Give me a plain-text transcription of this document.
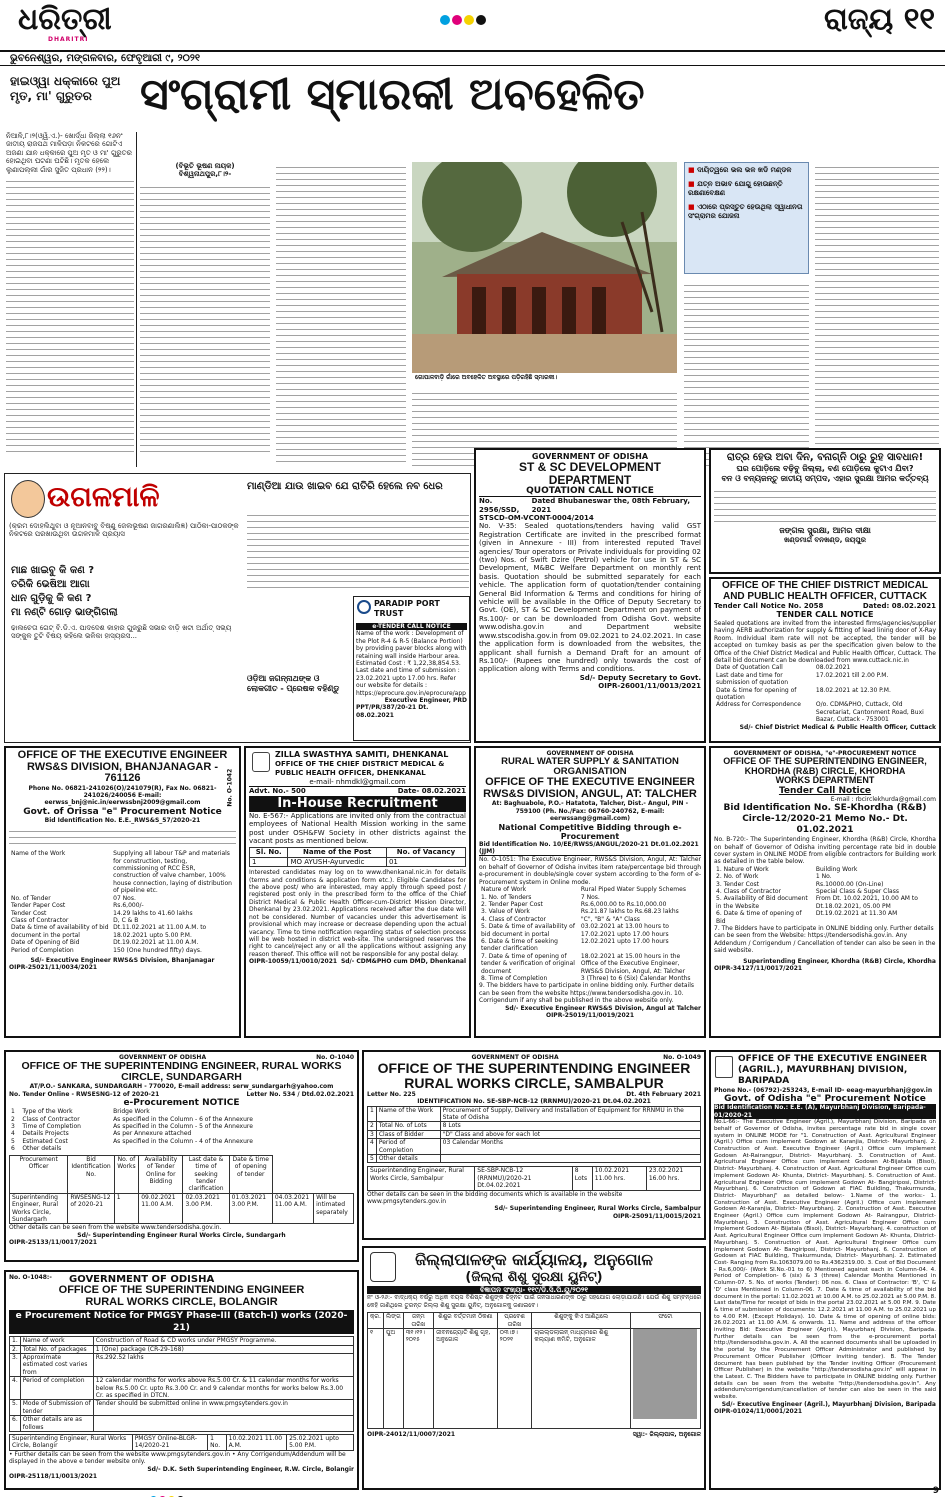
ଧରିତ୍ରୀ
DHARITRI
ରାଜ୍ୟ ୧୧
ଭୁବନେଶ୍ୱର, ମଙ୍ଗଳବାର, ଫେବୃଆରୀ ୯, ୨୦୨୧
ହାଇଓ୍ୱା ଧକ୍କାରେ ପୁଅ ମୃତ, ମା' ଗୁରୁତର	ସଂଗ୍ରାମୀ ସ୍ମାରକୀ ଅବହେଳିତ
ନିଆଳି,୮।୨(ଓ୍ୱି.ଏ.)- ଖୋର୍ଦ୍ଧା ଜିଲ୍ଲା ୧୬ନଂ ଜାତୀୟ ରାଜପଥ ମାଳିପଡ଼ା ନିକଟରେ ଗୋଟିଏ ଅଜଣା ଯାନ ଧକ୍କାରେ ପୁଅ ମୃତ ଓ ମା' ଗୁରୁତର ହୋଇଥିବା ଘଟଣା ଘଟିଛି। ମୃତକ ହେଲେ ଲୁଣାପଲ୍ଲୀ ଗାଁର ସୁଜିତ ପ୍ରଧାନ (୨୨)।	(ବିଭୂତି ଭୂଷଣ ନାୟକ)
ବିଶ୍ୱନାଥପୁର,୮।୨-
ଗୋପାଳବାଡ଼ି ଗାଁରେ ଅବହେଳିତ ଅବସ୍ଥାରେ ପଡ଼ିରହିଛି ସ୍ମାରକୀ।
■ ଦାୟିତ୍ୱରେ ଭଲ ଭଳ ଖଡି ମଣ୍ଡଳ
■ ଯତ୍ନ ଅଭାବ ଯୋଗୁ ହୋଉଛନ୍ତି ରକ୍ଷଣାବେକ୍ଷଣ
■ ଏଠାରେ ପ୍ରସ୍ତୁତ ହେଉଥିଲା ସ୍ୱାଧୀନତା ସଂଗ୍ରାମର ଯୋଜନା
ଉଗଳମାଳି
(କ୍ରମ ଦୋହଲିଥୁବା ଓ ନୂଆନବାବୁ ବିଷ୍ଣୁ ଜେଲଭୂଷଣ ଜାଗରଣାଲିଜ୍ଞ) ପାଠିକା-ପାଠକଙ୍କ ନିକଟରେ ପରଖାଉଥିବା ଉଗଳମାଳି ପ୍ରୟାସ
ମାଛ ଖାଇବୁ କି କଣ ?
ତରିକି ଭେଷିଆ ଆଗା
ଧାନ ଗୁଡ଼ିକୁ କି କଣ ?
ମା ନଣ୍ଟି ଗୋଡ଼ ଭାଙ୍ଗିଗଲା
ଢାଲଚେତା ଗେଟ୍ ବି.ଡି.ଏ. ପାଦଦେଶ କାହାର ଗୁଜରୁଛି ସଭାର ବାଡ଼ି ଖଟା ଅର୍ଥାତ୍ ସଭ୍ୟ ସଙ୍କୁଳ ତୁଟି ବିଷୟ କହିଲେ ଭଳିକା ହାସ୍ୟରସ...
ମାଣ୍ଡିଆ ଯାଉ ଖାଇବ ଯେ ରାତିରି ହେଲେ ନବ ଧେର
ଓଡ଼ିଆ ଜଗନ୍ନାଥଙ୍କ ଓ ଲୋକଗୀତ - ପ୍ରେଷକ ବହିଣ୍ଡୁ
PARADIP PORT TRUST
e-TENDER CALL NOTICE
Name of the work : Development of the Plot R-4 & R-5 (Balance Portion) by providing paver blocks along with retaining wall inside Harbour area. Estimated Cost : ₹ 1,22,38,854.53. Last date and time of submission : 23.02.2021 upto 17.00 hrs. Refer our website for details : https://eprocure.gov.in/eprocure/app
Executive Engineer, PRD
PPT/PR/387/20-21 Dt. 08.02.2021
GOVERNMENT OF ODISHA
ST & SC DEVELOPMENT DEPARTMENT
QUOTATION CALL NOTICE
No. 2956/SSD,
Dated Bhubaneswar the, 08th February, 2021
STSCD-OM-VCONT-0004/2014
No. V-35: Sealed quotations/tenders having valid GST Registration Certificate are invited in the prescribed format (given in Annexure - III) from interested reputed Travel agencies/ Tour operators or Private individuals for providing 02 (two) Nos. of Swift Dzire (Petrol) vehicle for use in ST & SC Development, M&BC Welfare Department on monthly rent basis. Quotation should be submitted separately for each vehicle. The application form of quotation/tender containing General Bid Information & Terms and conditions for hiring of vehicle will be available in the Office of Deputy Secretary to Govt. (OE), ST & SC Development Department on payment of Rs.100/- or can be downloaded from Odisha Govt. website www.odisha.gov.in and Department website www.stscodisha.gov.in from 09.02.2021 to 24.02.2021. In case the application form is downloaded from the websites, the applicant shall furnish a Demand Draft for an amount of Rs.100/- (Rupees one hundred) only towards the cost of application along with Terms and conditions.
Sd/- Deputy Secretary to Govt.
OIPR-26001/11/0013/2021
ରାତ୍ର ହେଉ ଅବା ଦିନ, ବନାଗ୍ନି ଠାରୁ ରୁହ ସାବଧାନ!
ଘର ପୋଡ଼ିଲେ ବଢ଼ିବୁ ଜିଲ୍ଲା, ବଣ ପୋଡ଼ିଲେ କୁଟାଏ ଯିବା?
ବନ ଓ ବନ୍ୟଜନ୍ତୁ ଜାତୀୟ ସମ୍ପଦ, ଏହାର ସୁରକ୍ଷା ଆମର କର୍ତ୍ତବ୍ୟ
ଜଙ୍ଗଲ ସୁରକ୍ଷା, ଆମର ଦୀକ୍ଷା
ଖଣ୍ଡମାର୍ଗ ବନଖଣ୍ଡ, ଜୟପୁର
OFFICE OF THE CHIEF DISTRICT MEDICAL AND PUBLIC HEALTH OFFICER, CUTTACK
Tender Call Notice No. 2058	Dated: 08.02.2021
TENDER CALL NOTICE
Sealed quotations are invited from the interested firms/agencies/supplier having AERB authorization for supply & fitting of lead lining door of X-Ray Room. Individual item rate will not be accepted, the tender will be accepted on turnkey basis as per the specification given below to the Office of the Chief District Medical and Public Health Officer, Cuttack. The detail bid document can be downloaded from www.cuttack.nic.in
Date of Quotation Call	08.02.2021
Last date and time for submission of quotation	17.02.2021 till 2.00 P.M.
Date & time for opening of quotation	18.02.2021 at 12.30 P.M.
Address for Correspondence	O/o. CDM&PHO, Cuttack, Old Secretariat, Cantonment Road, Buxi Bazar, Cuttack - 753001
Sd/- Chief District Medical & Public Health Officer, Cuttack
OFFICE OF THE EXECUTIVE ENGINEER
RWS&S DIVISION, BHANJANAGAR - 761126
Phone No. 06821-241026(O)/241079(R), Fax No. 06821-241026/240056 E-mail: eerwss_bnj@nic.in/eerwssbnj2009@gmail.com
Govt. of Orissa "e" Procurement Notice
Bid Identification No. E.E._RWS&S_57/2020-21
Name of the Work	Supplying all labour T&P and materials for construction, testing, commissioning of RCC ESR, construction of valve chamber, 100% house connection, laying of distribution of pipeline etc.
No. of Tender	07 Nos.
Tender Paper Cost	Rs.6,000/-
Tender Cost	14.29 lakhs to 41.60 lakhs
Class of Contractor	D, C & B
Date & time of availability of bid document in the portal	Dt.11.02.2021 at 11.00 A.M. to 18.02.2021 upto 5.00 P.M.
Date of Opening of Bid	Dt.19.02.2021 at 11.00 A.M.
Period of Completion	150 (One hundred fifty) days.
Sd/- Executive Engineer RWS&S Division, Bhanjanagar
OIPR-25021/11/0034/2021
No. O-1042
ZILLA SWASTHYA SAMITI, DHENKANAL
OFFICE OF THE CHIEF DISTRICT MEDICAL & PUBLIC HEALTH OFFICER, DHENKANAL
e-mail- nhmdkl@gmail.com
Advt. No.- 500	Date- 08.02.2021
In-House Recruitment
No. E-567:- Applications are invited only from the contractual employees of National Health Mission working in the same post under OSH&FW Society in other districts against the vacant posts as mentioned below.
Sl. No.	Name of the Post	No. of Vacancy
1	MO AYUSH-Ayurvedic	01
Interested candidates may log on to www.dhenkanal.nic.in for details (terms and conditions & application form etc.). Eligible Candidates for the above post/ who are interested, may apply through speed post / registered post only in the prescribed form to the office of the Chief District Medical & Public Health Officer-cum-District Mission Director, Dhenkanal by 23.02.2021. Applications received after the due date will not be considered. Number of vacancies under this advertisement is provisional which may increase or decrease depending upon the actual vacancy. Time to time notification regarding status of selection process will be web hosted in district web-site. The undersigned reserves the right to cancel/reject any or all the applications without assigning any reason thereof. This office will not be responsible for any postal delay.
OIPR-10059/11/0010/2021 Sd/- CDM&PHO cum DMD, Dhenkanal
GOVERNMENT OF ODISHA
RURAL WATER SUPPLY & SANITATION ORGANISATION
OFFICE OF THE EXECUTIVE ENGINEER
RWS&S DIVISION, ANGUL, AT: TALCHER
At: Baghuabole, P.O.- Hatatota, Talcher, Dist.- Angul, PIN - 759100 (Ph. No./Fax: 06760-240762, E-mail: eerwssang@gmail.com)
National Competitive Bidding through e-Procurement
Bid Identification No. 10/EE/RWSS/ANGUL/2020-21 Dt.01.02.2021 (JJM)
No. O-1051: The Executive Engineer, RWS&S Division, Angul, At: Talcher on behalf of Governor of Odisha invites item rate/percentage bid through e-procurement in double/single cover system according to the form of e-Procurement system in Online mode.
Nature of Work	Rural Piped Water Supply Schemes
1. No. of Tenders	7 Nos.
2. Tender Paper Cost	Rs.6,000.00 to Rs.10,000.00
3. Value of Work	Rs.21.87 lakhs to Rs.68.23 lakhs
4. Class of Contractor	"C", "B" & "A" Class
5. Date & time of availability of bid document in portal	03.02.2021 at 13.00 hours to 17.02.2021 upto 17.00 hours
6. Date & time of seeking tender clarification	12.02.2021 upto 17.00 hours
7. Date & time of opening of tender & verification of original document	18.02.2021 at 15.00 hours in the Office of the Executive Engineer, RWS&S Division, Angul, At: Talcher
8. Time of Completion	3 (Three) to 6 (Six) Calendar Months
9. The bidders have to participate in online bidding only. Further details can be seen from the website https://www.tendersodisha.gov.in. 10. Corrigendum if any shall be published in the above website only.
Sd/- Executive Engineer RWS&S Division, Angul at Talcher
OIPR-25019/11/0019/2021
GOVERNMENT OF ODISHA, "e"-PROCUREMENT NOTICE
OFFICE OF THE SUPERINTENDING ENGINEER, KHORDHA (R&B) CIRCLE, KHORDHA
WORKS DEPARTMENT
Tender Call Notice
E-mail : rbcirclekhurda@gmail.com
Bid Identification No. SE-Khordha (R&B) Circle-12/2020-21 Memo No.- Dt. 01.02.2021
No. B-720:- The Superintending Engineer, Khordha (R&B) Circle, Khordha on behalf of Governor of Odisha inviting percentage rate bid in double cover system in ONLINE MODE from eligible contractors for Building work as detailed in the table below.
1. Nature of Work	Building Work
2. No. of Work	1 No.
3. Tender Cost	Rs.10000.00 (On-Line)
4. Class of Contractor	Special Class & Super Class
5. Availability of Bid document in the Website	From Dt. 10.02.2021, 10.00 AM to Dt.18.02.2021, 05.00 PM
6. Date & time of opening of Bid	Dt.19.02.2021 at 11.30 AM
7. The Bidders have to participate in ONLINE bidding only. Further details can be seen from the Website: https://tendersodisha.gov.in. Any Addendum / Corrigendum / Cancellation of tender can also be seen in the said website.
Superintending Engineer, Khordha (R&B) Circle, Khordha
OIPR-34127/11/0017/2021
GOVERNMENT OF ODISHA	No. O-1040
OFFICE OF THE SUPERINTENDING ENGINEER, RURAL WORKS CIRCLE, SUNDARGARH
AT/P.O.- SANKARA, SUNDARGARH - 770020, E-mail address: serw_sundargarh@yahoo.com
No. Tender Online - RWSESNG-12 of 2020-21	Letter No. 534 / Dtd.02.02.2021
e-Procurement NOTICE
1	Type of the Work	Bridge Work
2	Class of Contractor	As specified in the Column - 6 of the Annexure
3	Time of Completion	As specified in the Column - 5 of the Annexure
4	Details Projects	As per Annexure attached
5	Estimated Cost	As specified in the Column - 4 of the Annexure
6	Other details	
Procurement Officer	Bid Identification No.	No. of Works	Availability of Tender Online for Bidding	Last date & time of seeking tender clarification	Date & time of opening of tender		
Superintending Engineer, Rural Works Circle, Sundargarh	RWSESNG-12 of 2020-21	1	09.02.2021 11.00 A.M.	02.03.2021 3.00 P.M.	01.03.2021 3.00 P.M.	04.03.2021 11.00 A.M.	Will be intimated separately
Other details can be seen from the website www.tendersodisha.gov.in.
Sd/- Superintending Engineer Rural Works Circle, Sundargarh
OIPR-25133/11/0017/2021
GOVERNMENT OF ODISHA	No. O-1049
OFFICE OF THE SUPERINTENDING ENGINEER
RURAL WORKS CIRCLE, SAMBALPUR
Letter No. 225	Dt. 4th February 2021
IDENTIFICATION No. SE-SBP-NCB-12 (RRNMU)/2020-21 Dt.04.02.2021
1	Name of the Work	Procurement of Supply, Delivery and Installation of Equipment for RRNMU in the State of Odisha
2	Total No. of Lots	8 Lots
3	Class of Bidder	"D" Class and above for each lot
4	Period of Completion	03 Calendar Months
5	Other details	
Superintending Engineer, Rural Works Circle, Sambalpur	SE-SBP-NCB-12 (RRNMU)/2020-21 Dt.04.02.2021	8 Lots	10.02.2021 11.00 hrs.	23.02.2021 16.00 hrs.
Other details can be seen in the bidding documents which is available in the website www.pmgsytenders.gov.in
Sd/- Superintending Engineer, Rural Works Circle, Sambalpur
OIPR-25091/11/0015/2021
OFFICE OF THE EXECUTIVE ENGINEER (AGRIL.), MAYURBHANJ DIVISION, BARIPADA
Phone No.- (06792)-253243, E-mail ID- eeag-mayurbhanj@gov.in
Govt. of Odisha "e" Procurement Notice
Bid Identification No.: E.E. (A), Mayurbhanj Division, Baripada-01/2020-21
No.L-66:- The Executive Engineer (Agril.), Mayurbhanj Division, Baripada on behalf of Governor of Odisha, invites percentage rate bid in single cover system in ONLINE MODE for "1. Construction of Asst. Agricultural Engineer (Agril.) Office cum implement Godown at Karanjia, District- Mayurbhanj. 2. Construction of Asst. Executive Engineer (Agril.) Office cum implement Godown At-Rairangpur, District- Mayurbhanj. 3. Construction of Asst. Agricultural Engineer Office cum implement Godown At-Bijatala (Bisoi), District- Mayurbhanj. 4. Construction of Asst. Agricultural Engineer Office cum implement Godown At- Khunta, District- Mayurbhanj. 5. Construction of Asst. Agricultural Engineer Office cum implement Godown At- Bangiriposi, District- Mayurbhanj. 6. Construction of Godown at FIAC Building, Thakurmunda, District- Mayurbhanj" as detailed below:- 1.Name of the works:- 1. Construction of Asst. Executive Engineer (Agril.) Office cum implement Godown At-Karanjia, District- Mayurbhanj. 2. Construction of Asst. Executive Engineer (Agril.) Office cum implement Godown At- Rairangpur, District- Mayurbhanj. 3. Construction of Asst. Agricultural Engineer Office cum implement Godown At- Bijatala (Bisoi), District- Mayurbhanj. 4. construction of Asst. Agricultural Engineer Office cum implement Godown At- Khunta, District- Mayurbhanj. 5. Construction of Asst. Agricultural Engineer Office cum implement Godown At- Bangiriposi, District- Mayurbhanj. 6. Construction of Godown at FIAC Building, Thakurmunda, District- Mayurbhanj. 2. Estimated Cost- Ranging from Rs.1063079.00 to Rs.4362319.00. 3. Cost of Bid Document - Rs.6,000/- (Work Sl.No.-01 to 6) Mentioned against each in Column-04. 4. Period of Completion- 6 (six) & 3 (three) Calendar Months Mentioned in Column-07. 5. No. of works (Tender): 06 nos. 6. Class of Contractor: 'B', 'C' & 'D' class Mentioned in Column-06. 7. Date & time of availability of the bid document in the portal: 11.02.2021 at 10.00 A.M. to 25.02.2021 at 5.00 P.M. 8. Last date/Time for receipt of bids in the portal 23.02.2021 at 5.00 P.M. 9. Date & time of submission of documents: 12.2.2021 at 11.00 A.M. to 25.02.2021 up to 4.00 P.M. (Except Holidays). 10. Date & time of opening of online bids: 26.02.2021 at 11.00 A.M. & onwards. 11. Name and address of the officer inviting Bid: Executive Engineer (Agril.), Mayurbhanj Division, Baripada. Further details can be seen from the e-procurement portal http://tendersodisha.gov.in. A. All the scanned documents shall be uploaded in the portal by the Procurement Officer Administrator and published by Procurement Officer Publisher (Officer inviting tender). B. The Tender document has been published by the Tender inviting Officer (Procurement Officer Publisher) in the website "http://tendersodisha.gov.in" will appear in the Latest. C. The Bidders have to participate in ONLINE bidding only. Further details can be seen from the website "http://tendersodisha.gov.in". Any addendum/corrigendum/cancellation of tender can also be seen in the said website.
Sd/- Executive Engineer (Agril.), Mayurbhanj Division, Baripada
OIPR-01024/11/0001/2021
No. O-1048:-	GOVERNMENT OF ODISHA
OFFICE OF THE SUPERINTENDING ENGINEER
RURAL WORKS CIRCLE, BOLANGIR
e Procurement Notice for PMGSY Phase-III (Batch-I) works (2020-21)
1.	Name of work	Construction of Road & CD works under PMGSY Programme.
2.	Total No. of packages	1 (One) package (CR-29-168)
3.	Approximate estimated cost varies from	Rs.292.52 lakhs
4.	Period of completion	12 calendar months for works above Rs.5.00 Cr. & 11 calendar months for works below Rs.5.00 Cr. upto Rs.3.00 Cr. and 9 calendar months for works below Rs.3.00 Cr. as specified in DTCN.
5.	Mode of Submission of tender	Tender should be submitted online in www.pmgsytenders.gov.in
6.	Other details are as follows	
Superintending Engineer, Rural Works Circle, Bolangir	PMGSY Online-BLGR-14/2020-21	1 No.	10.02.2021 11.00 A.M.	25.02.2021 upto 5.00 P.M.
• Further details can be seen from the website www.pmgsytenders.gov.in • Any Corrigendum/Addendum will be displayed in the above e tender website only.
Sd/- D.K. Seth Superintending Engineer, R.W. Circle, Bolangir
OIPR-25118/11/0013/2021
ଜିଲ୍ଲାପାଳଙ୍କ କାର୍ଯ୍ୟାଳୟ, ଅନୁଗୋଳ
(ଜିଲ୍ଲା ଶିଶୁ ସୁରକ୍ଷା ୟୁନିଟ୍)
ବିଜ୍ଞାପନ ସଂଖ୍ୟା- ୧୧୯/ଡି.ସି.ପି.ୟୁ/୨୦୨୧
ନଂ ଓ-୨୬:- ବାଦ୍ଧକ୍ୟ ବର୍ଷରୁ ଅଧିକ ବୟସ ବିଶିଷ୍ଟ ଶିଶୁଙ୍କ ଚିହ୍ନଟ ପାଇଁ ଜନସାଧାରଣଙ୍କ ଠାରୁ ସହଯୋଗ ଲୋଡ଼ାଯାଉଛି। ଯେଉଁ ଶିଶୁ ସମ୍ବନ୍ଧରେ କେହି ଜାଣିଥିଲେ ତୁରନ୍ତ ଜିଲ୍ଲା ଶିଶୁ ସୁରକ୍ଷା ୟୁନିଟ୍, ଅନୁଗୋଳକୁ ଜଣାଇବେ।
କ୍ର.	ଲିଙ୍ଗ	ଜନ୍ମ ତାରିଖ	ଶିଶୁର ବର୍ତ୍ତମାନ ଠିକଣା	ପ୍ରବେଶ ତାରିଖ	ଶିଶୁଙ୍କୁ କିଏ ଆଣିଥିଲେ	ଫଟୋ
୧	ପୁଅ	୩୧।୧୨।୨୦୧୫	ଜୀବନଜ୍ୟୋତି ଶିଶୁ ଗୃହ, ଅନୁଗୋଳ	୦୩।୭।୨୦୨୧	ଚାଇଲ୍ଡଲାଇନ୍ ମାଧ୍ୟମରେ ଶିଶୁ କଲ୍ୟାଣ କମିଟି, ଅନୁଗୋଳ	
OIPR-24012/11/0007/2021	ସ୍ୱା:- ଜିଲ୍ଲାପାଳ, ଅନୁଗୋଳ
9
